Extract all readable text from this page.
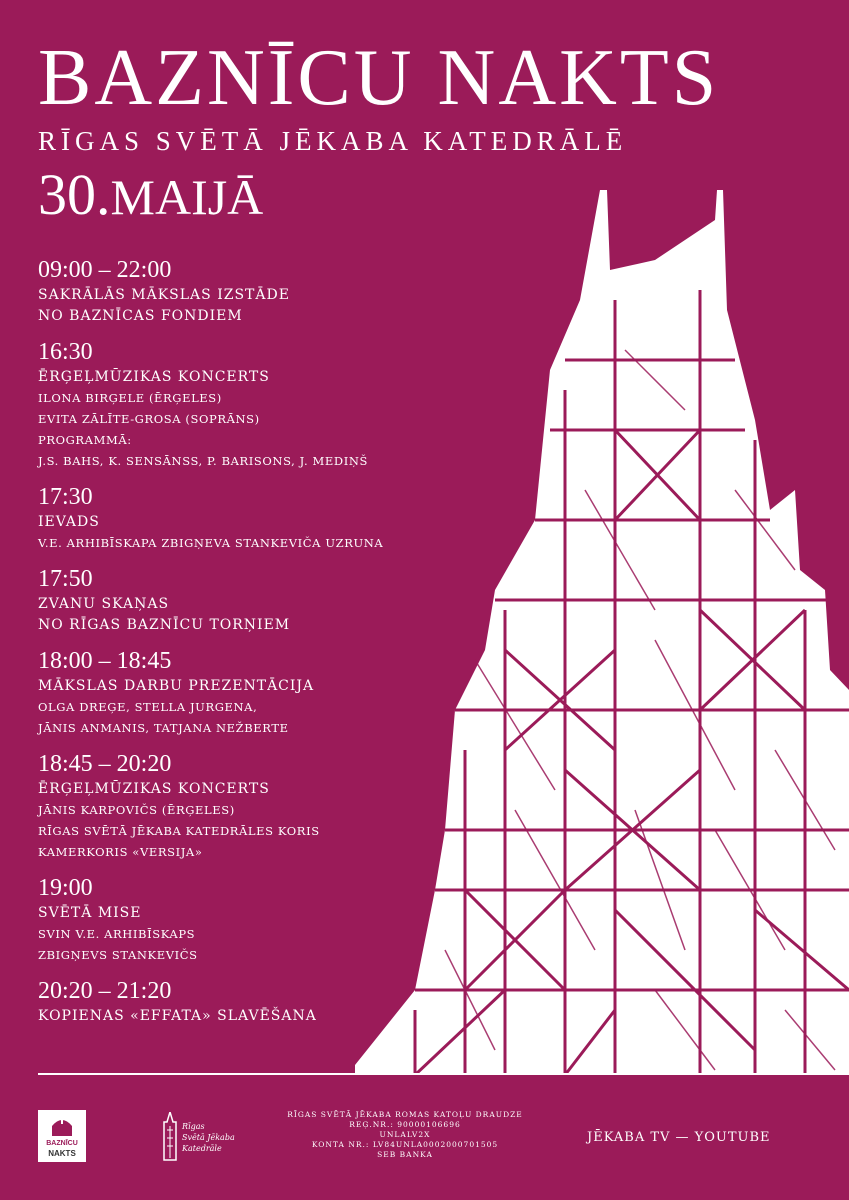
BAZNĪCU NAKTS
RĪGAS SVĒTĀ JĒKABA KATEDRĀLĒ
30.MAIJĀ
09:00 – 22:00
SAKRĀLĀS MĀKSLAS IZSTĀDE
NO BAZNĪCAS FONDIEM
16:30
ĒRĢEĻMŪZIKAS KONCERTS
ILONA BIRĢELE (ĒRĢELES)
EVITA ZĀLĪTE-GROSA (SOPRĀNS)
PROGRAMMĀ:
J.S. BAHS, K. SENSĀNSS, P. BARISONS, J. MEDIŅŠ
17:30
IEVADS
V.E. ARHIBĪSKAPA ZBIGŅEVA STANKEVIČA UZRUNA
17:50
ZVANU SKAŅAS
NO RĪGAS BAZNĪCU TORŅIEM
18:00 – 18:45
MĀKSLAS DARBU PREZENTĀCIJA
OLGA DREĢE, STELLA JURGENA,
JĀNIS ANMANIS, TATJANA NEŽBERTE
18:45 – 20:20
ĒRĢEĻMŪZIKAS KONCERTS
JĀNIS KARPOVIČS (ĒRĢELES)
RĪGAS SVĒTĀ JĒKABA KATEDRĀLES KORIS
KAMERKORIS «VERSIJA»
19:00
SVĒTĀ MISE
SVIN V.E. ARHIBĪSKAPS
ZBIGŅEVS STANKEVIČS
20:20 – 21:20
KOPIENAS «EFFATA» SLAVĒŠANA
BAZNĪCU
NAKTS
Rīgas
Svētā Jēkaba
Katedrāle
RĪGAS SVĒTĀ JĒKABA ROMAS KATOĻU DRAUDZE
REĢ.NR.: 90000106696
UNLALV2X
KONTA NR.: LV84UNLA0002000701505
SEB BANKA
JĒKABA TV — YOUTUBE
